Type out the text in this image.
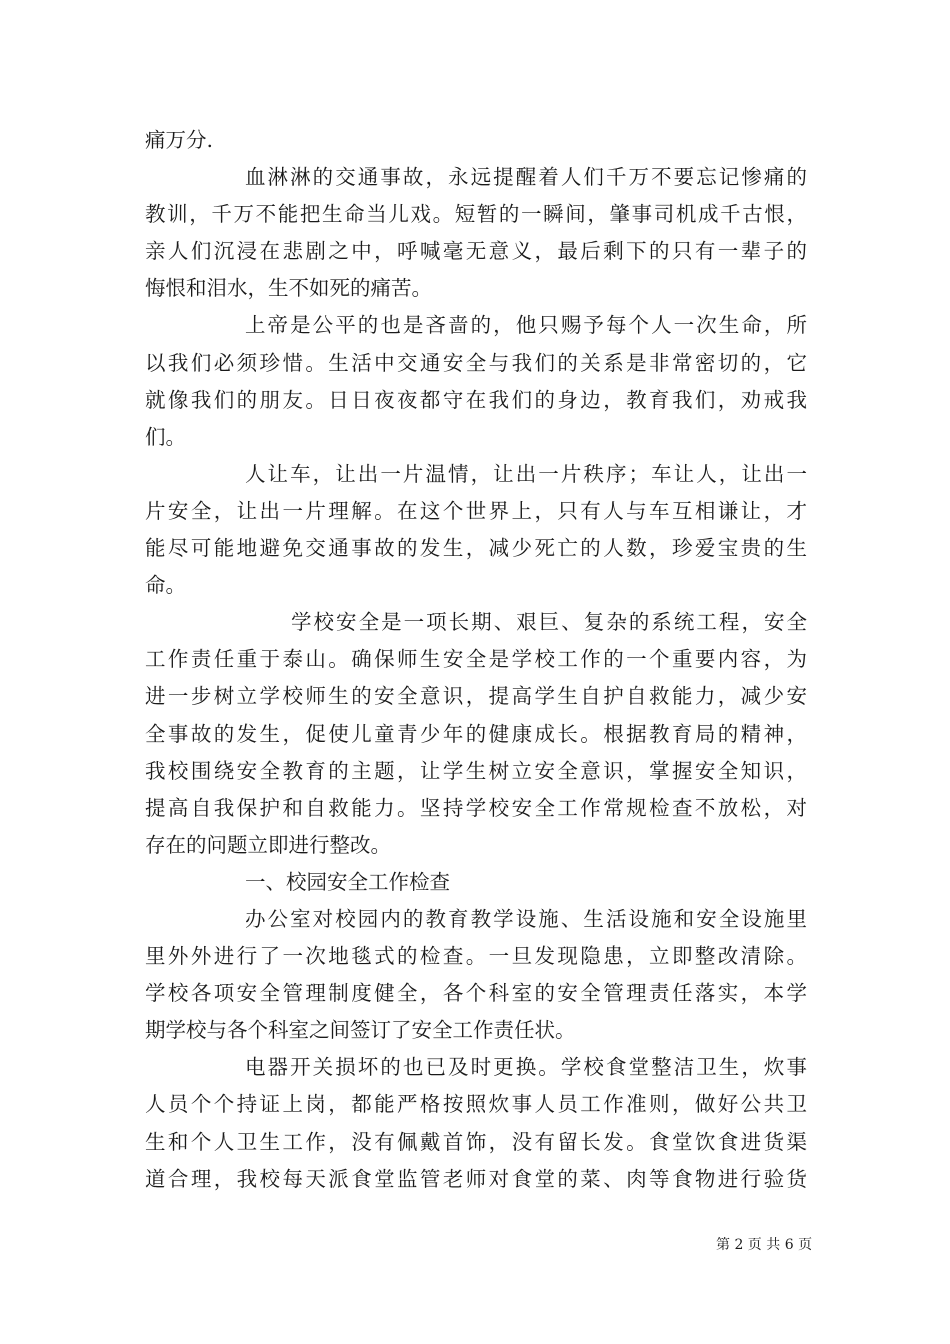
痛万分.
血淋淋的交通事故，永远提醒着人们千万不要忘记惨痛的
教训，千万不能把生命当儿戏。短暂的一瞬间，肇事司机成千古恨，
亲人们沉浸在悲剧之中，呼喊毫无意义，最后剩下的只有一辈子的
悔恨和泪水，生不如死的痛苦。
上帝是公平的也是吝啬的，他只赐予每个人一次生命，所
以我们必须珍惜。生活中交通安全与我们的关系是非常密切的，它
就像我们的朋友。日日夜夜都守在我们的身边，教育我们，劝戒我
们。
人让车，让出一片温情，让出一片秩序；车让人，让出一
片安全，让出一片理解。在这个世界上，只有人与车互相谦让，才
能尽可能地避免交通事故的发生，减少死亡的人数，珍爱宝贵的生
命。
学校安全是一项长期、艰巨、复杂的系统工程，安全
工作责任重于泰山。确保师生安全是学校工作的一个重要内容，为
进一步树立学校师生的安全意识，提高学生自护自救能力，减少安
全事故的发生，促使儿童青少年的健康成长。根据教育局的精神，
我校围绕安全教育的主题，让学生树立安全意识，掌握安全知识，
提高自我保护和自救能力。坚持学校安全工作常规检查不放松，对
存在的问题立即进行整改。
一、校园安全工作检查
办公室对校园内的教育教学设施、生活设施和安全设施里
里外外进行了一次地毯式的检查。一旦发现隐患，立即整改清除。
学校各项安全管理制度健全，各个科室的安全管理责任落实，本学
期学校与各个科室之间签订了安全工作责任状。
电器开关损坏的也已及时更换。学校食堂整洁卫生，炊事
人员个个持证上岗，都能严格按照炊事人员工作准则，做好公共卫
生和个人卫生工作，没有佩戴首饰，没有留长发。食堂饮食进货渠
道合理，我校每天派食堂监管老师对食堂的菜、肉等食物进行验货
第 2 页 共 6 页
